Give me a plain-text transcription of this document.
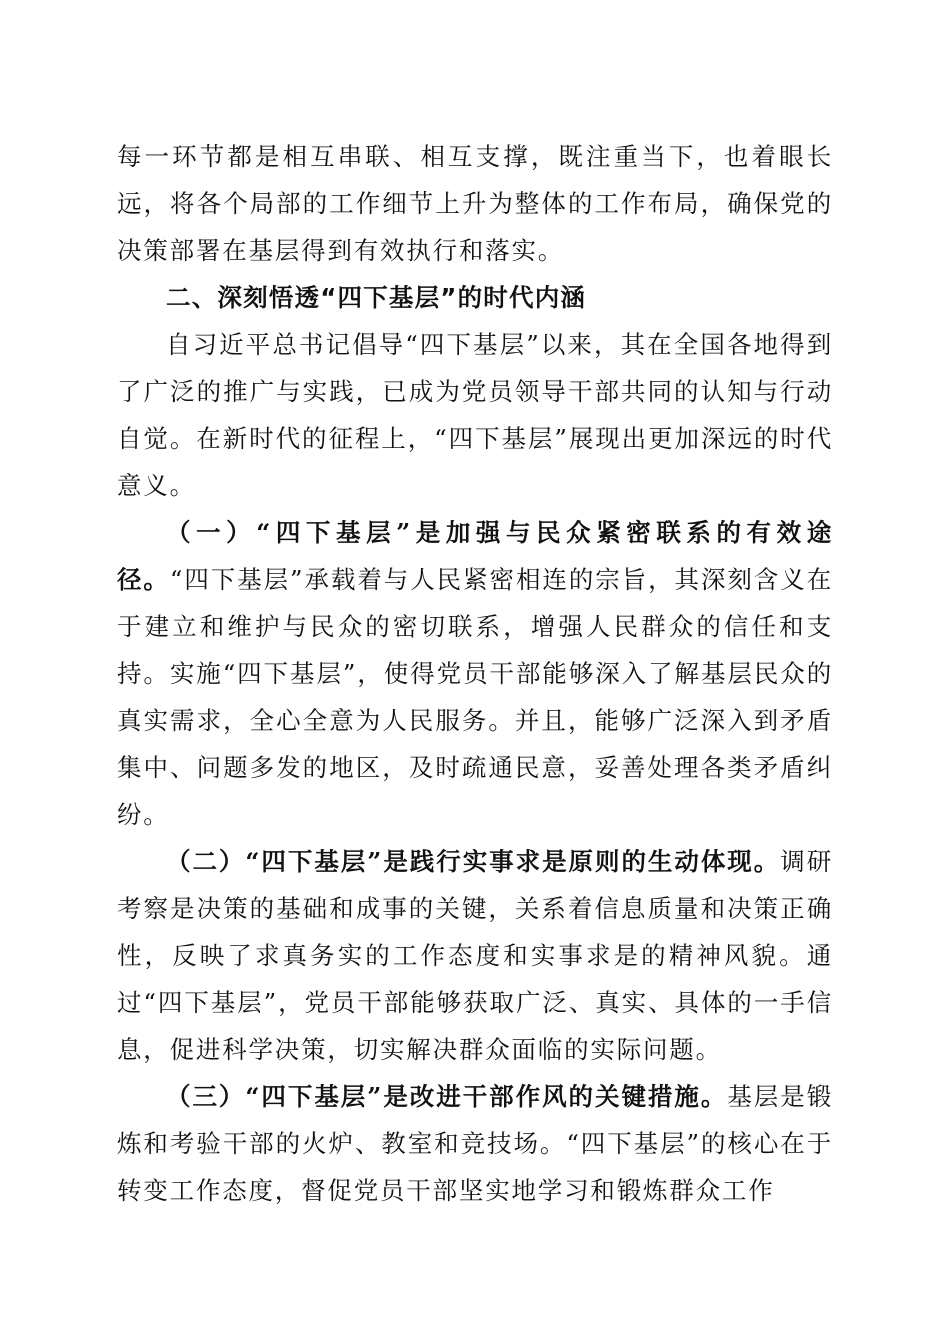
每一环节都是相互串联、相互支撑，既注重当下，也着眼长远，将各个局部的工作细节上升为整体的工作布局，确保党的决策部署在基层得到有效执行和落实。

二、深刻悟透“四下基层”的时代内涵

自习近平总书记倡导“四下基层”以来，其在全国各地得到了广泛的推广与实践，已成为党员领导干部共同的认知与行动自觉。在新时代的征程上，“四下基层”展现出更加深远的时代意义。

（一）“四下基层”是加强与民众紧密联系的有效途径。“四下基层”承载着与人民紧密相连的宗旨，其深刻含义在于建立和维护与民众的密切联系，增强人民群众的信任和支持。实施“四下基层”，使得党员干部能够深入了解基层民众的真实需求，全心全意为人民服务。并且，能够广泛深入到矛盾集中、问题多发的地区，及时疏通民意，妥善处理各类矛盾纠纷。

（二）“四下基层”是践行实事求是原则的生动体现。调研考察是决策的基础和成事的关键，关系着信息质量和决策正确性，反映了求真务实的工作态度和实事求是的精神风貌。通过“四下基层”，党员干部能够获取广泛、真实、具体的一手信息，促进科学决策，切实解决群众面临的实际问题。

（三）“四下基层”是改进干部作风的关键措施。基层是锻炼和考验干部的火炉、教室和竞技场。“四下基层”的核心在于转变工作态度，督促党员干部坚实地学习和锻炼群众工作
